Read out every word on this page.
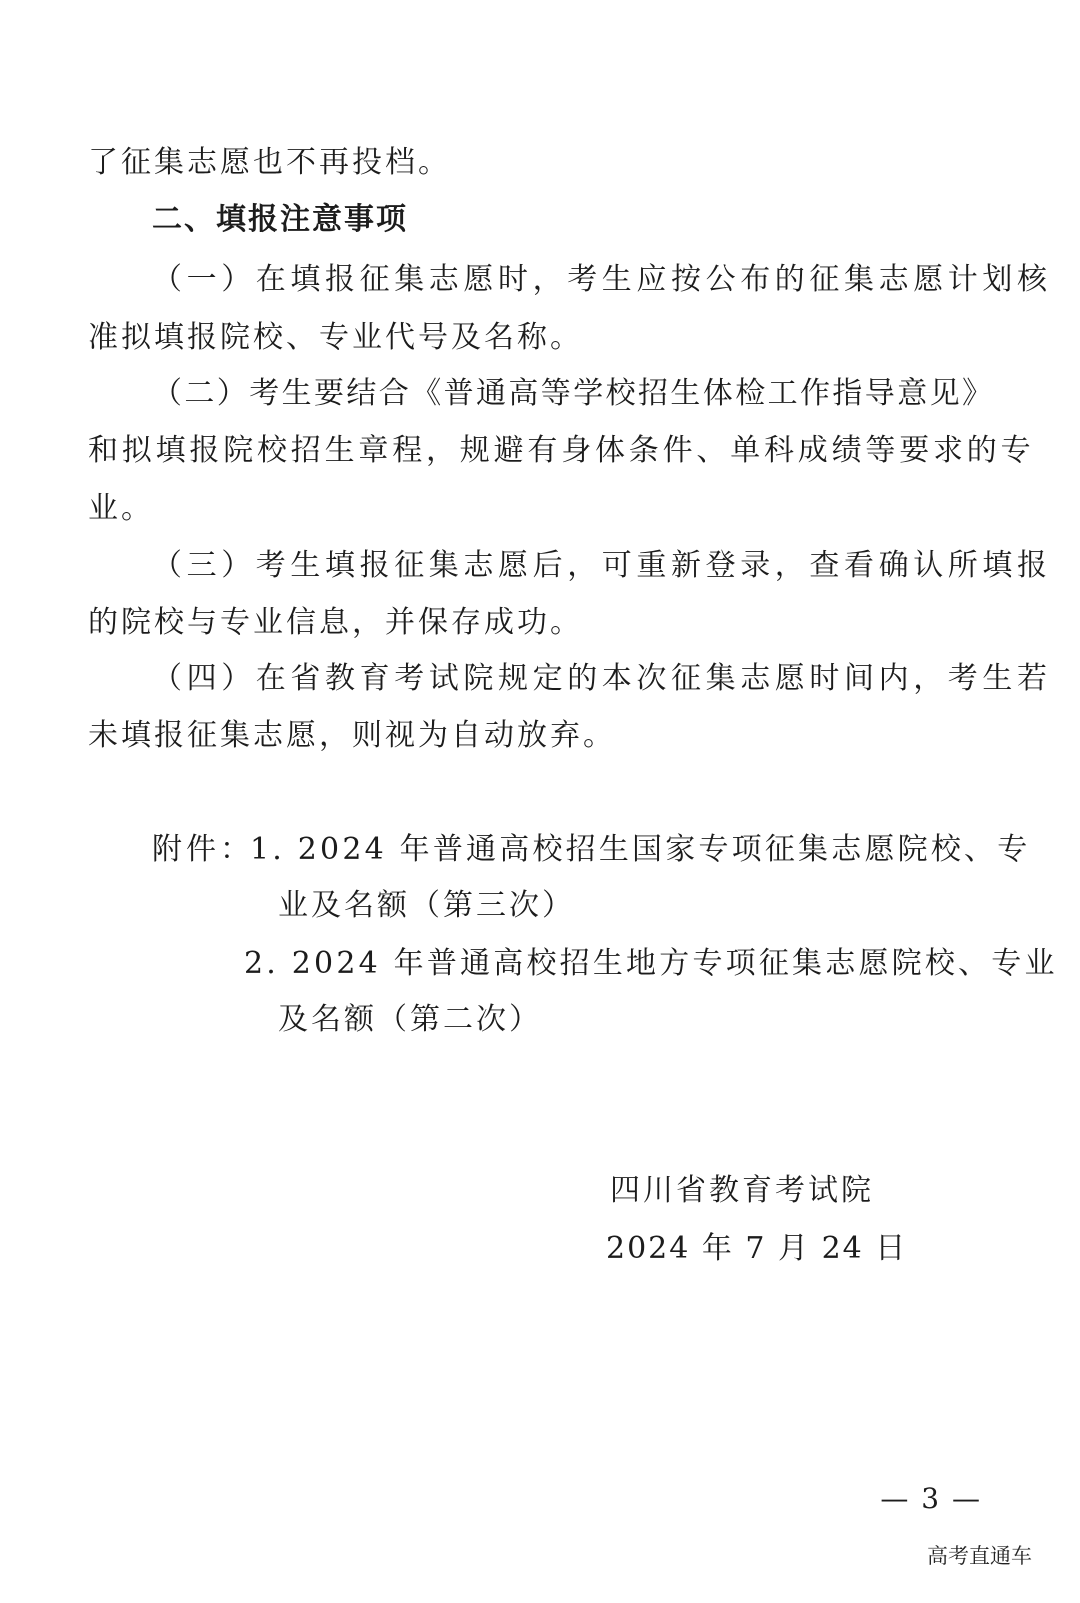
了征集志愿也不再投档。
二、填报注意事项
（一）在填报征集志愿时，考生应按公布的征集志愿计划核
准拟填报院校、专业代号及名称。
（二）考生要结合《普通高等学校招生体检工作指导意见》
和拟填报院校招生章程，规避有身体条件、单科成绩等要求的专
业。
（三）考生填报征集志愿后，可重新登录，查看确认所填报
的院校与专业信息，并保存成功。
（四）在省教育考试院规定的本次征集志愿时间内，考生若
未填报征集志愿，则视为自动放弃。
附件：
1. 2024 年普通高校招生国家专项征集志愿院校、专
业及名额（第三次）
2. 2024 年普通高校招生地方专项征集志愿院校、专业
及名额（第二次）
四川省教育考试院
2024 年 7 月 24 日
— 3 —
高考直通车
